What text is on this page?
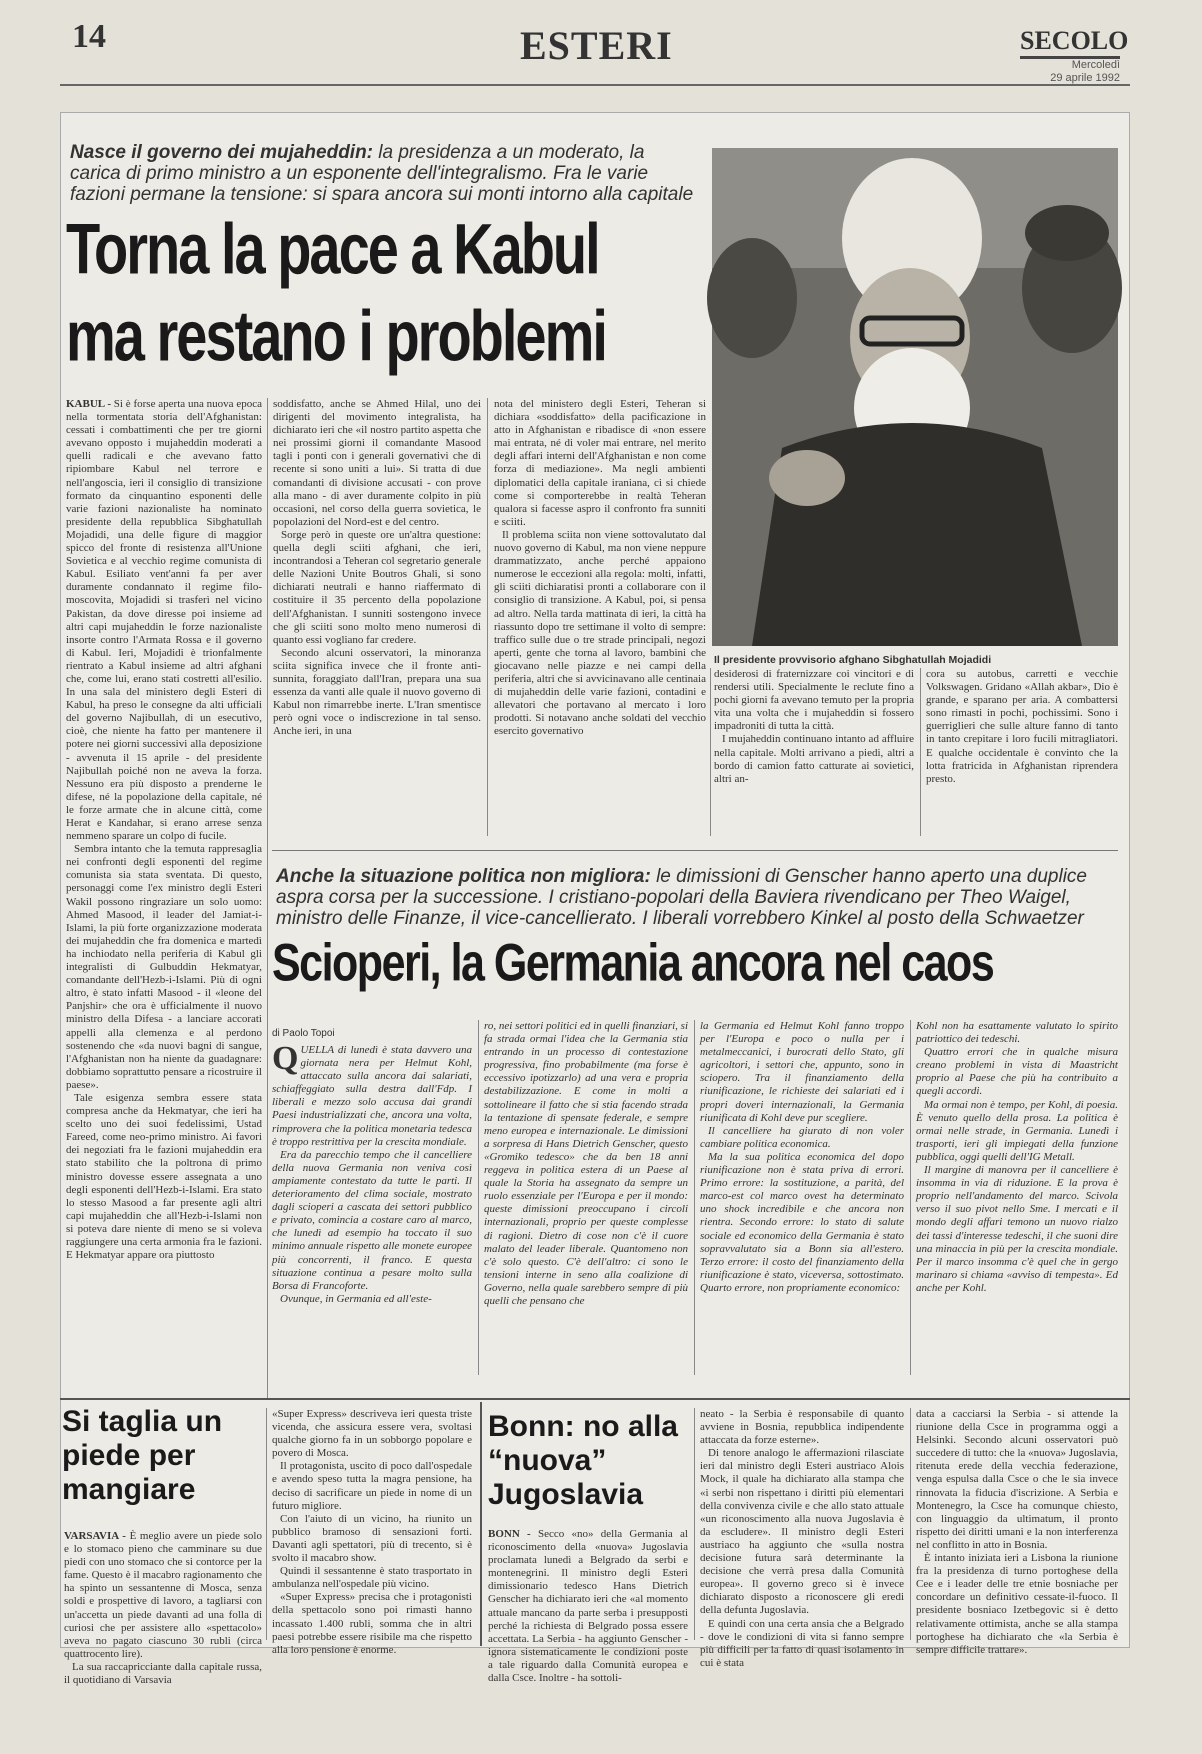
14	ESTERI	SECOLO
Mercoledì
29 aprile 1992
Nasce il governo dei mujaheddin: la presidenza a un moderato, la carica di primo ministro a un esponente dell'integralismo. Fra le varie fazioni permane la tensione: si spara ancora sui monti intorno alla capitale
Torna la pace a Kabul
ma restano i problemi
Il presidente provvisorio afghano Sibghatullah Mojadidi
KABUL - Si è forse aperta una nuova epoca nella tormentata storia dell'Afghanistan: cessati i combattimenti che per tre giorni avevano opposto i mujaheddin moderati a quelli radicali e che avevano fatto ripiombare Kabul nel terrore e nell'angoscia, ieri il consiglio di transizione formato da cinquantino esponenti delle varie fazioni nazionaliste ha nominato presidente della repubblica Sibghatullah Mojadidi, una delle figure di maggior spicco del fronte di resistenza all'Unione Sovietica e al vecchio regime comunista di Kabul. Esiliato vent'anni fa per aver duramente condannato il regime filo-moscovita, Mojadidi si trasferì nel vicino Pakistan, da dove diresse poi insieme ad altri capi mujaheddin le forze nazionaliste insorte contro l'Armata Rossa e il governo di Kabul. Ieri, Mojadidi è trionfalmente rientrato a Kabul insieme ad altri afghani che, come lui, erano stati costretti all'esilio. In una sala del ministero degli Esteri di Kabul, ha preso le consegne da alti ufficiali del governo Najibullah, di un esecutivo, cioè, che niente ha fatto per mantenere il potere nei giorni successivi alla deposizione - avvenuta il 15 aprile - del presidente Najibullah poiché non ne aveva la forza. Nessuno era più disposto a prenderne le difese, né la popolazione della capitale, né le forze armate che in alcune città, come Herat e Kandahar, si erano arrese senza nemmeno sparare un colpo di fucile.

Sembra intanto che la temuta rappresaglia nei confronti degli esponenti del regime comunista sia stata sventata. Di questo, personaggi come l'ex ministro degli Esteri Wakil possono ringraziare un solo uomo: Ahmed Masood, il leader del Jamiat-i-Islami, la più forte organizzazione moderata dei mujaheddin che fra domenica e martedì ha inchiodato nella periferia di Kabul gli integralisti di Gulbuddin Hekmatyar, comandante dell'Hezb-i-Islami. Più di ogni altro, è stato infatti Masood - il «leone del Panjshir» che ora è ufficialmente il nuovo ministro della Difesa - a lanciare accorati appelli alla clemenza e al perdono sostenendo che «da nuovi bagni di sangue, l'Afghanistan non ha niente da guadagnare: dobbiamo soprattutto pensare a ricostruire il paese».

Tale esigenza sembra essere stata compresa anche da Hekmatyar, che ieri ha scelto uno dei suoi fedelissimi, Ustad Fareed, come neo-primo ministro. Ai favori dei negoziati fra le fazioni mujaheddin era stato stabilito che la poltrona di primo ministro dovesse essere assegnata a uno degli esponenti dell'Hezb-i-Islami. Era stato lo stesso Masood a far presente agli altri capi mujaheddin che all'Hezb-i-Islami non si poteva dare niente di meno se si voleva raggiungere una certa armonia fra le fazioni. E Hekmatyar appare ora piuttosto

soddisfatto, anche se Ahmed Hilal, uno dei dirigenti del movimento integralista, ha dichiarato ieri che «il nostro partito aspetta che nei prossimi giorni il comandante Masood tagli i ponti con i generali governativi che di recente si sono uniti a lui». Si tratta di due comandanti di divisione accusati - con prove alla mano - di aver duramente colpito in più occasioni, nel corso della guerra sovietica, le popolazioni del Nord-est e del centro.

Sorge però in queste ore un'altra questione: quella degli sciiti afghani, che ieri, incontrandosi a Teheran col segretario generale delle Nazioni Unite Boutros Ghali, si sono dichiarati neutrali e hanno riaffermato di costituire il 35 percento della popolazione dell'Afghanistan. I sunniti sostengono invece che gli sciiti sono molto meno numerosi di quanto essi vogliano far credere.

Secondo alcuni osservatori, la minoranza sciita significa invece che il fronte anti-sunnita, foraggiato dall'Iran, prepara una sua essenza da vanti alle quale il nuovo governo di Kabul non rimarrebbe inerte. L'Iran smentisce però ogni voce o indiscrezione in tal senso. Anche ieri, in una

nota del ministero degli Esteri, Teheran si dichiara «soddisfatto» della pacificazione in atto in Afghanistan e ribadisce di «non essere mai entrata, né di voler mai entrare, nel merito degli affari interni dell'Afghanistan e non come forza di mediazione». Ma negli ambienti diplomatici della capitale iraniana, ci si chiede come si comporterebbe in realtà Teheran qualora si facesse aspro il confronto fra sunniti e sciiti.

Il problema sciita non viene sottovalutato dal nuovo governo di Kabul, ma non viene neppure drammatizzato, anche perché appaiono numerose le eccezioni alla regola: molti, infatti, gli sciiti dichiaratisi pronti a collaborare con il consiglio di transizione. A Kabul, poi, si pensa ad altro. Nella tarda mattinata di ieri, la città ha riassunto dopo tre settimane il volto di sempre: traffico sulle due o tre strade principali, negozi aperti, gente che torna al lavoro, bambini che giocavano nelle piazze e nei campi della periferia, altri che si avvicinavano alle centinaia di mujaheddin delle varie fazioni, contadini e allevatori che portavano al mercato i loro prodotti. Si notavano anche soldati del vecchio esercito governativo

desiderosi di fraternizzare coi vincitori e di rendersi utili. Specialmente le reclute fino a pochi giorni fa avevano temuto per la propria vita una volta che i mujaheddin si fossero impadroniti di tutta la città.

I mujaheddin continuano intanto ad affluire nella capitale. Molti arrivano a piedi, altri a bordo di camion fatto catturate ai sovietici, altri an-

cora su autobus, carretti e vecchie Volkswagen. Gridano «Allah akbar», Dio è grande, e sparano per aria. A combattersi sono rimasti in pochi, pochissimi. Sono i guerriglieri che sulle alture fanno di tanto in tanto crepitare i loro fucili mitragliatori. E qualche occidentale è convinto che la lotta fratricida in Afghanistan riprendera presto.

Anche la situazione politica non migliora: le dimissioni di Genscher hanno aperto una duplice aspra corsa per la successione. I cristiano-popolari della Baviera rivendicano per Theo Waigel, ministro delle Finanze, il vice-cancellierato. I liberali vorrebbero Kinkel al posto della Schwaetzer
Scioperi, la Germania ancora nel caos
di Paolo Topoi
Q UELLA di lunedì è stata davvero una giornata nera per Helmut Kohl, attaccato sulla ancora dai salariati, schiaffeggiato sulla destra dall'Fdp. I liberali e mezzo solo accusa dai grandi Paesi industrializzati che, ancora una volta, rimprovera che la politica monetaria tedesca è troppo restrittiva per la crescita mondiale.

Era da parecchio tempo che il cancelliere della nuova Germania non veniva così ampiamente contestato da tutte le parti. Il deterioramento del clima sociale, mostrato dagli scioperi a cascata dei settori pubblico e privato, comincia a costare caro al marco, che lunedì ad esempio ha toccato il suo minimo annuale rispetto alle monete europee più concorrenti, il franco. E questa situazione continua a pesare molto sulla Borsa di Francoforte.

Ovunque, in Germania ed all'este-

ro, nei settori politici ed in quelli finanziari, si fa strada ormai l'idea che la Germania stia entrando in un processo di contestazione progressiva, fino probabilmente (ma forse è eccessivo ipotizzarlo) ad una vera e propria destabilizzazione. E come in molti a sottolineare il fatto che si stia facendo strada la tentazione di spensate federale, e sempre meno europea e internazionale. Le dimissioni a sorpresa di Hans Dietrich Genscher, questo «Gromiko tedesco» che da ben 18 anni reggeva in politica estera di un Paese al quale la Storia ha assegnato da sempre un ruolo essenziale per l'Europa e per il mondo: queste dimissioni preoccupano i circoli internazionali, proprio per queste complesse di ragioni. Dietro di cose non c'è il cuore malato del leader liberale. Quantomeno non c'è solo questo. C'è dell'altro: ci sono le tensioni interne in seno alla coalizione di Governo, nella quale sarebbero sempre di più quelli che pensano che

la Germania ed Helmut Kohl fanno troppo per l'Europa e poco o nulla per i metalmeccanici, i burocrati dello Stato, gli agricoltori, i settori che, appunto, sono in sciopero. Tra il finanziamento della riunificazione, le richieste dei salariati ed i propri doveri internazionali, la Germania riunificata di Kohl deve pur scegliere.

Il cancelliere ha giurato di non voler cambiare politica economica.

Ma la sua politica economica del dopo riunificazione non è stata priva di errori. Primo errore: la sostituzione, a parità, del marco-est col marco ovest ha determinato uno shock incredibile e che ancora non rientra. Secondo errore: lo stato di salute sociale ed economico della Germania è stato sopravvalutato sia a Bonn sia all'estero. Terzo errore: il costo del finanziamento della riunificazione è stato, viceversa, sottostimato. Quarto errore, non propriamente economico:

Kohl non ha esattamente valutato lo spirito patriottico dei tedeschi.

Quattro errori che in qualche misura creano problemi in vista di Maastricht proprio al Paese che più ha contribuito a quegli accordi.

Ma ormai non è tempo, per Kohl, di poesia. È venuto quello della prosa. La politica è ormai nelle strade, in Germania. Lunedì i trasporti, ieri gli impiegati della funzione pubblica, oggi quelli dell'IG Metall.

Il margine di manovra per il cancelliere è insomma in via di riduzione. E la prova è proprio nell'andamento del marco. Scivola verso il suo pivot nello Sme. I mercati e il mondo degli affari temono un nuovo rialzo dei tassi d'interesse tedeschi, il che suoni dire una minaccia in più per la crescita mondiale. Per il marco insomma c'è quel che in gergo marinaro si chiama «avviso di tempesta». Ed anche per Kohl.

Si taglia un piede per mangiare
VARSAVIA - È meglio avere un piede solo e lo stomaco pieno che camminare su due piedi con uno stomaco che si contorce per la fame. Questo è il macabro ragionamento che ha spinto un sessantenne di Mosca, senza soldi e prospettive di lavoro, a tagliarsi con un'accetta un piede davanti ad una folla di curiosi che per assistere allo «spettacolo» aveva no pagato ciascuno 30 rubli (circa quattrocento lire).

La sua raccapricciante dalla capitale russa, il quotidiano di Varsavia

«Super Express» descriveva ieri questa triste vicenda, che assicura essere vera, svoltasi qualche giorno fa in un sobborgo popolare e povero di Mosca.

Il protagonista, uscito di poco dall'ospedale e avendo speso tutta la magra pensione, ha deciso di sacrificare un piede in nome di un futuro migliore.

Con l'aiuto di un vicino, ha riunito un pubblico bramoso di sensazioni forti. Davanti agli spettatori, più di trecento, si è svolto il macabro show.

Quindi il sessantenne è stato trasportato in ambulanza nell'ospedale più vicino.

«Super Express» precisa che i protagonisti della spettacolo sono poi rimasti hanno incassato 1.400 rubli, somma che in altri paesi potrebbe essere risibile ma che rispetto alla loro pensione è enorme.

Bonn: no alla “nuova” Jugoslavia
BONN - Secco «no» della Germania al riconoscimento della «nuova» Jugoslavia proclamata lunedì a Belgrado da serbi e montenegrini. Il ministro degli Esteri dimissionario tedesco Hans Dietrich Genscher ha dichiarato ieri che «al momento attuale mancano da parte serba i presupposti perché la richiesta di Belgrado possa essere accettata. La Serbia - ha aggiunto Genscher - ignora sistematicamente le condizioni poste a tale riguardo dalla Comunità europea e dalla Csce. Inoltre - ha sottoli-

neato - la Serbia è responsabile di quanto avviene in Bosnia, repubblica indipendente attaccata da forze esterne».

Di tenore analogo le affermazioni rilasciate ieri dal ministro degli Esteri austriaco Alois Mock, il quale ha dichiarato alla stampa che «i serbi non rispettano i diritti più elementari della convivenza civile e che allo stato attuale «un riconoscimento alla nuova Jugoslavia è da escludere». Il ministro degli Esteri austriaco ha aggiunto che «sulla nostra decisione futura sarà determinante la decisione che verrà presa dalla Comunità europea». Il governo greco si è invece dichiarato disposto a riconoscere gli eredi della defunta Jugoslavia.

E quindi con una certa ansia che a Belgrado - dove le condizioni di vita si fanno sempre più difficili per la fatto di quasi isolamento in cui è stata

data a cacciarsi la Serbia - si attende la riunione della Csce in programma oggi a Helsinki. Secondo alcuni osservatori può succedere di tutto: che la «nuova» Jugoslavia, ritenuta erede della vecchia federazione, venga espulsa dalla Csce o che le sia invece rinnovata la fiducia d'iscrizione. A Serbia e Montenegro, la Csce ha comunque chiesto, con linguaggio da ultimatum, il pronto rispetto dei diritti umani e la non interferenza nel conflitto in atto in Bosnia.

È intanto iniziata ieri a Lisbona la riunione fra la presidenza di turno portoghese della Cee e i leader delle tre etnie bosniache per concordare un definitivo cessate-il-fuoco. Il presidente bosniaco Izetbegovic si è detto relativamente ottimista, anche se alla stampa portoghese ha dichiarato che «la Serbia è sempre difficile trattare».
